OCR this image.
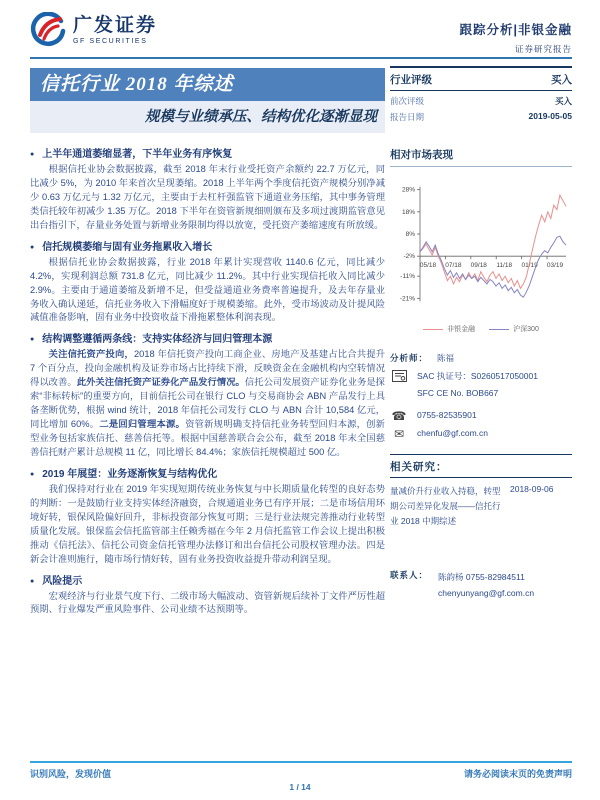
广发证券
GF SECURITIES
跟踪分析|非银金融
证券研究报告
信托行业 2018 年综述
规模与业绩承压、结构优化逐渐显现
● 上半年通道萎缩显著，下半年业务有序恢复

根据信托业协会数据披露，截至 2018 年末行业受托资产余额约 22.7 万亿元，同比减少 5%，为 2010 年来首次呈现萎缩。2018 上半年两个季度信托资产规模分别净减少 0.63 万亿元与 1.32 万亿元，主要由于去杠杆强监管下通道业务压缩，其中事务管理类信托较年初减少 1.35 万亿。2018 下半年在资管新规细则颁布及多项过渡期监管意见出台指引下，存量业务处置与新增业务限制均得以放宽，受托资产萎缩速度有所放缓。

● 信托规模萎缩与固有业务拖累收入增长

根据信托业协会数据披露，行业 2018 年累计实现营收 1140.6 亿元，同比减少 4.2%，实现利润总额 731.8 亿元，同比减少 11.2%。其中行业实现信托收入同比减少 2.9%。主要由于通道萎缩及新增不足，但受益通道业务费率普遍提升，及去年存量业务收入确认递延，信托业务收入下滑幅度好于规模萎缩。此外，受市场波动及计提风险减值准备影响，固有业务中投资收益下滑拖累整体利润表现。

● 结构调整遵循两条线：支持实体经济与回归管理本源

关注信托资产投向，2018 年信托资产投向工商企业、房地产及基建占比合共提升 7 个百分点，投向金融机构及证券市场占比持续下滑，反映资金在金融机构内空转情况得以改善。此外关注信托资产证券化产品发行情况。信托公司发展资产证券化业务是探索“非标转标”的重要方向，目前信托公司在银行 CLO 与交易商协会 ABN 产品发行上具备垄断优势，根据 wind 统计，2018 年信托公司发行 CLO 与 ABN 合计 10,584 亿元，同比增加 60%。二是回归管理本源。资管新规明确支持信托业务转型回归本源，创新型业务包括家族信托、慈善信托等。根据中国慈善联合会公布，截至 2018 年末全国慈善信托财产累计总规模 11 亿，同比增长 84.4%；家族信托规模超过 500 亿。

● 2019 年展望：业务逐渐恢复与结构优化

我们保持对行业在 2019 年实现短期传统业务恢复与中长期质量化转型的良好态势的判断：一是鼓励行业支持实体经济融资，合规通道业务已有序开展；二是市场信用环境好转，银保风险偏好回升，非标投资部分恢复可期；三是行业法规完善推动行业转型质量化发展。银保监会信托监管部主任赖秀福在今年 2 月信托监管工作会议上提出积极推动《信托法》、信托公司资金信托管理办法修订和出台信托公司股权管理办法。四是新会计准则施行，随市场行情好转，固有业务投资收益提升带动利润呈现。

● 风险提示

宏观经济与行业景气度下行、二级市场大幅波动、资管新规后续补丁文件严厉性超预期、行业爆发严重风险事件、公司业绩不达预期等。

行业评级	买入
前次评级	买入
报告日期	2019-05-05
相对市场表现
28%
18%
8%
-2%
-11%
-21%
05/18 07/18 09/18 11/18 01/19 03/19
非银金融	沪深300
分析师： 陈福
SAC 执证号：S0260517050001
SFC CE No. BOB667
☎ 0755-82535901
✉	chenfu@gf.com.cn
相关研究：
量减价升行业收入持稳，转型期公司差异化发展——信托行业 2018 中期综述
2018-09-06
联系人： 陈韵杨 0755-82984511
chenyunyang@gf.com.cn
识别风险，发现价值	请务必阅读末页的免责声明
1 / 14
